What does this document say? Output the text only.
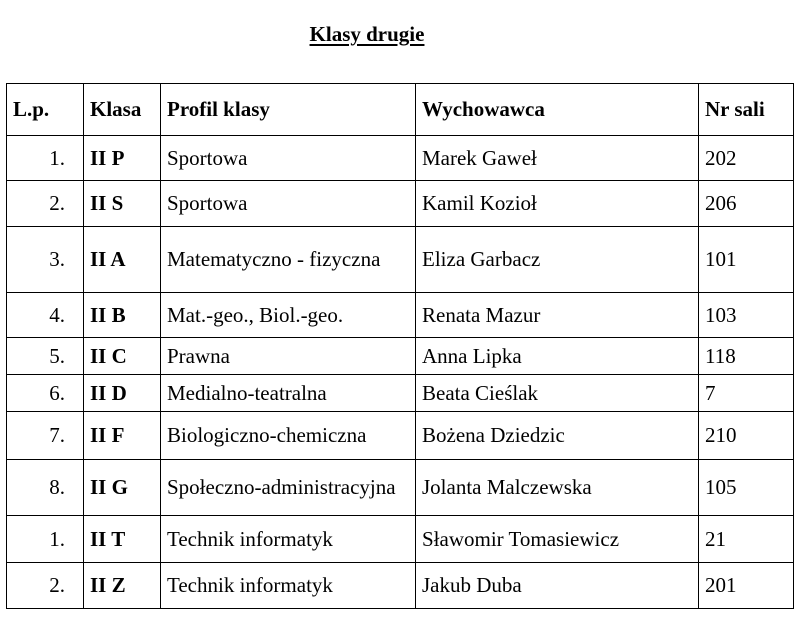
Klasy drugie
L.p.	Klasa	Profil klasy	Wychowawca	Nr sali
1.	II P	Sportowa	Marek Gaweł	202
2.	II S	Sportowa	Kamil Kozioł	206
3.	II A	Matematyczno - fizyczna	Eliza Garbacz	101
4.	II B	Mat.-geo., Biol.-geo.	Renata Mazur	103
5.	II C	Prawna	Anna Lipka	118
6.	II D	Medialno-teatralna	Beata Cieślak	7
7.	II F	Biologiczno-chemiczna	Bożena Dziedzic	210
8.	II G	Społeczno-administracyjna	Jolanta Malczewska	105
1.	II T	Technik informatyk	Sławomir Tomasiewicz	21
2.	II Z	Technik informatyk	Jakub Duba	201
